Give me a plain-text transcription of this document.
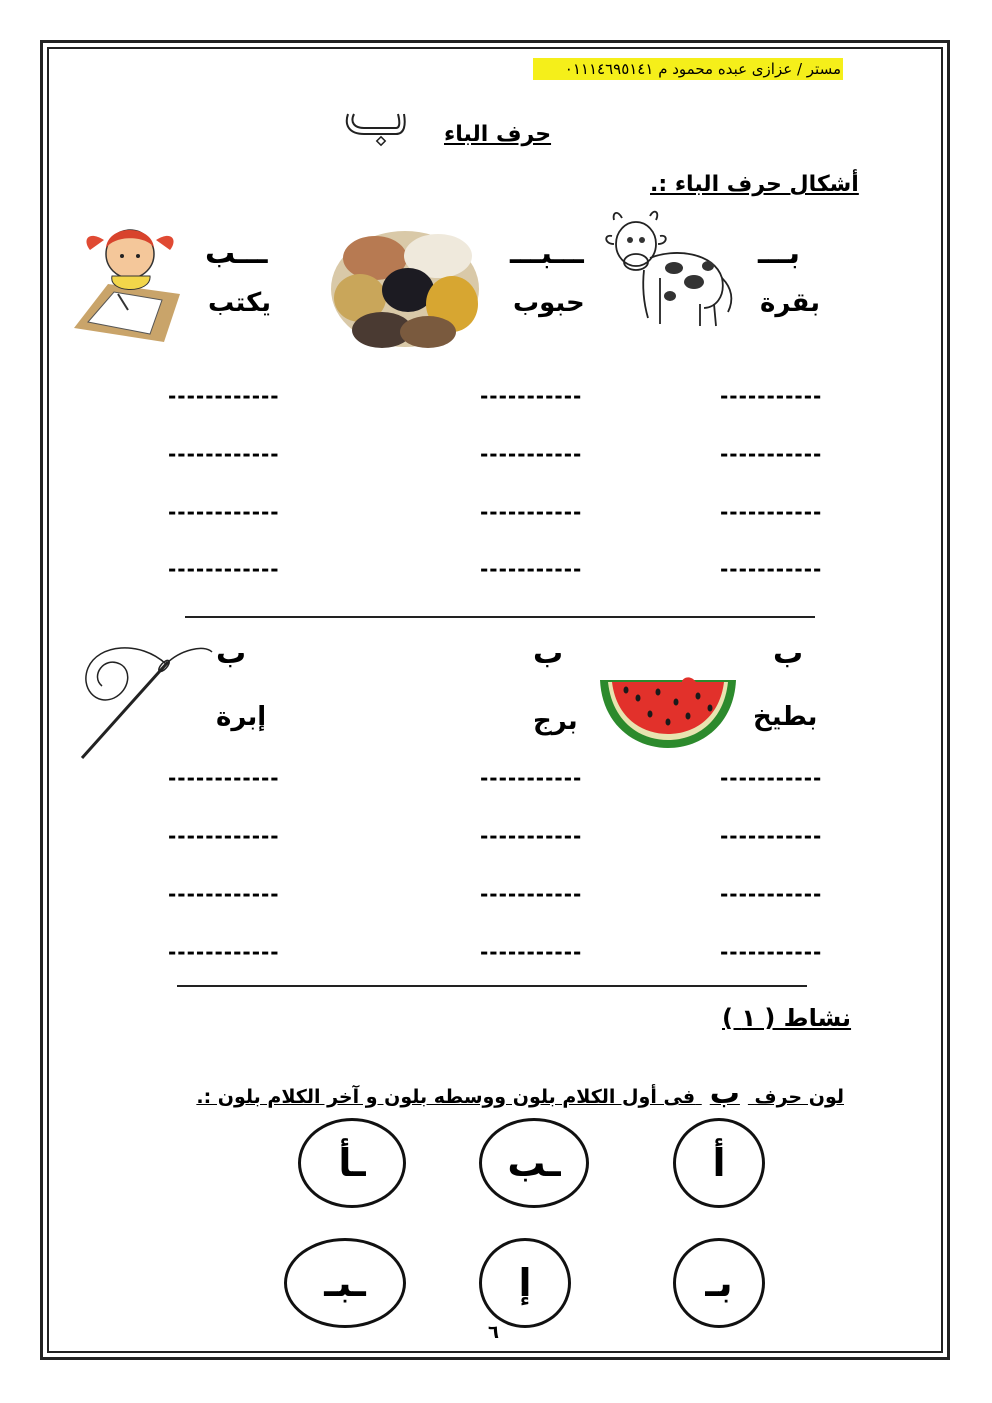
مستر / عزازى عبده محمود م ٠١١١٤٦٩٥١٤١
حرف الباء
أشكال حرف الباء :.
بـــ
بقرة
ـــبـــ
حبوب
ـــب
يكتب
-----------
-----------
------------
-----------
-----------
------------
-----------
-----------
------------
-----------
-----------
------------
ب
بطيخ
ب
برج
ب
إبرة
-----------
-----------
------------
-----------
-----------
------------
-----------
-----------
------------
-----------
-----------
------------
نشاط ( ١ )
لون حرف ب فى أول الكلام بلون ووسطه بلون و آخر الكلام بلون :.
أ
ـب
ـأ
بـ
إ
ـبـ
٦
